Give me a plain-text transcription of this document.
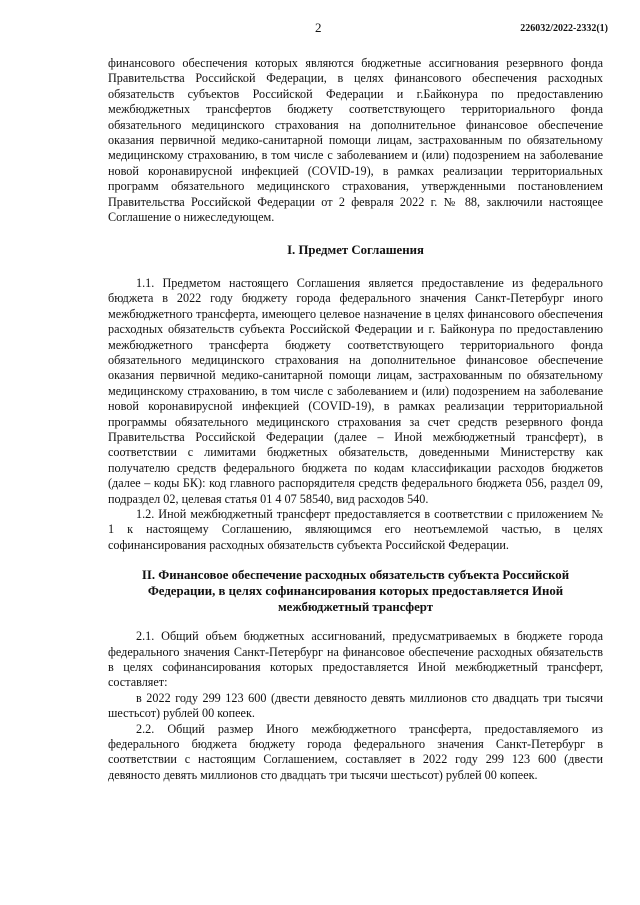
2	226032/2022-2332(1)

финансового обеспечения которых являются бюджетные ассигнования резервного фонда Правительства Российской Федерации, в целях финансового обеспечения расходных обязательств субъектов Российской Федерации и г.Байконура по предоставлению межбюджетных трансфертов бюджету соответствующего территориального фонда обязательного медицинского страхования на дополнительное финансовое обеспечение оказания первичной медико-санитарной помощи лицам, застрахованным по обязательному медицинскому страхованию, в том числе с заболеванием и (или) подозрением на заболевание новой коронавирусной инфекцией (COVID-19), в рамках реализации территориальных программ обязательного медицинского страхования, утвержденными постановлением Правительства Российской Федерации от 2 февраля 2022 г. № 88, заключили настоящее Соглашение о нижеследующем.

I. Предмет Соглашения

1.1. Предметом настоящего Соглашения является предоставление из федерального бюджета в 2022 году бюджету города федерального значения Санкт-Петербург иного межбюджетного трансферта, имеющего целевое назначение в целях финансового обеспечения расходных обязательств субъекта Российской Федерации и г. Байконура по предоставлению межбюджетного трансферта бюджету соответствующего территориального фонда обязательного медицинского страхования на дополнительное финансовое обеспечение оказания первичной медико-санитарной помощи лицам, застрахованным по обязательному медицинскому страхованию, в том числе с заболеванием и (или) подозрением на заболевание новой коронавирусной инфекцией (COVID-19), в рамках реализации территориальной программы обязательного медицинского страхования за счет средств резервного фонда Правительства Российской Федерации (далее – Иной межбюджетный трансферт), в соответствии с лимитами бюджетных обязательств, доведенными Министерству как получателю средств федерального бюджета по кодам классификации расходов бюджетов (далее – коды БК): код главного распорядителя средств федерального бюджета 056, раздел 09, подраздел 02, целевая статья 01 4 07 58540, вид расходов 540.

1.2. Иной межбюджетный трансферт предоставляется в соответствии с приложением № 1 к настоящему Соглашению, являющимся его неотъемлемой частью, в целях софинансирования расходных обязательств субъекта Российской Федерации.

II. Финансовое обеспечение расходных обязательств субъекта Российской Федерации, в целях софинансирования которых предоставляется Иной межбюджетный трансферт

2.1. Общий объем бюджетных ассигнований, предусматриваемых в бюджете города федерального значения Санкт-Петербург на финансовое обеспечение расходных обязательств в целях софинансирования которых предоставляется Иной межбюджетный трансферт, составляет:

в 2022 году 299 123 600 (двести девяносто девять миллионов сто двадцать три тысячи шестьсот) рублей 00 копеек.

2.2. Общий размер Иного межбюджетного трансферта, предоставляемого из федерального бюджета бюджету города федерального значения Санкт-Петербург в соответствии с настоящим Соглашением, составляет в 2022 году 299 123 600 (двести девяносто девять миллионов сто двадцать три тысячи шестьсот) рублей 00 копеек.
